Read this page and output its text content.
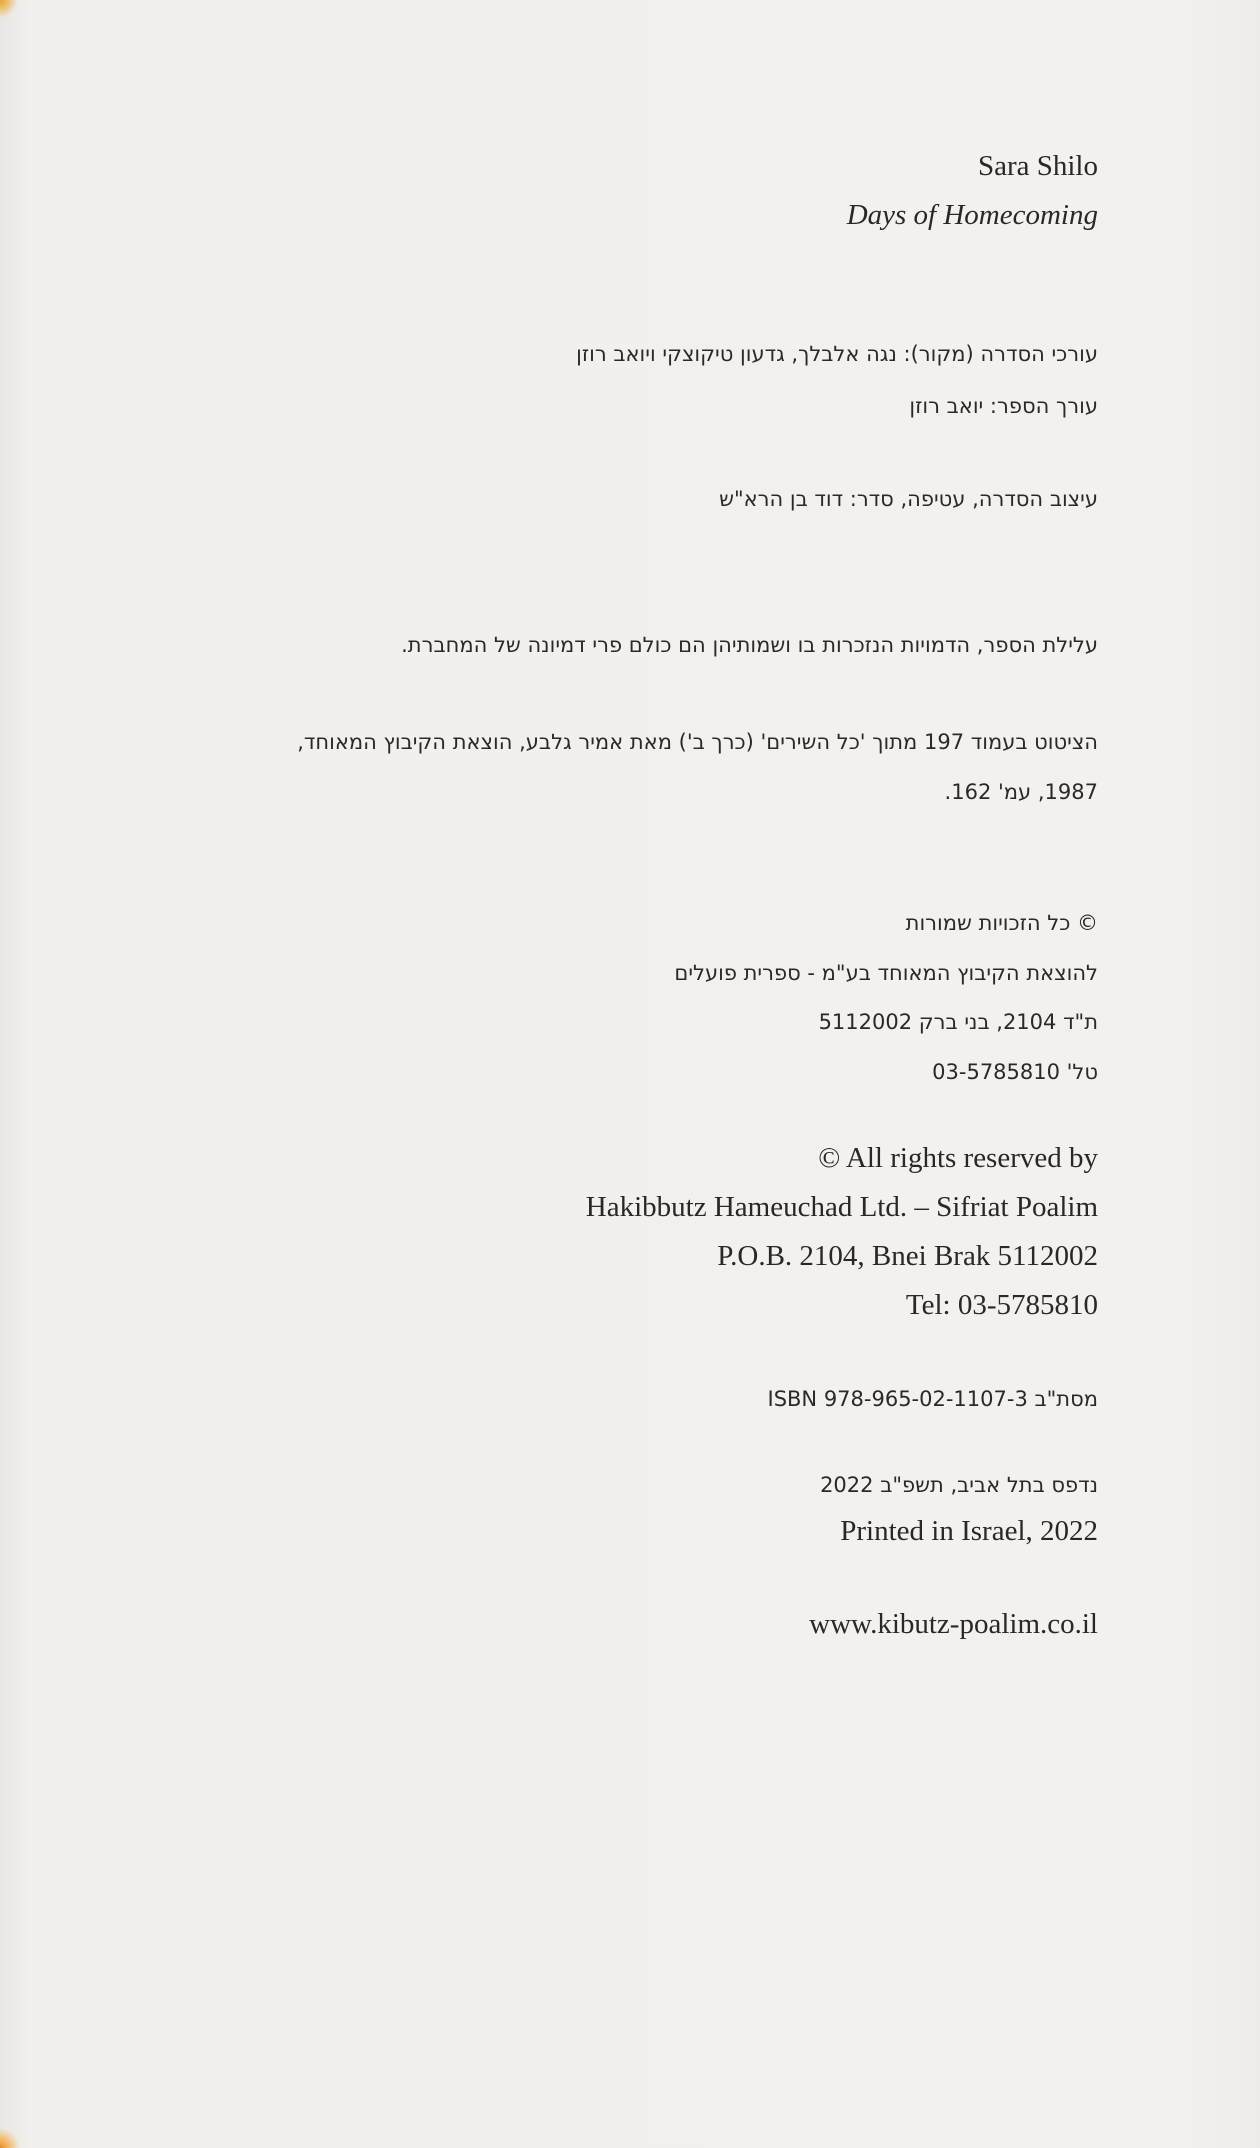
Sara Shilo
Days of Homecoming
עורכי הסדרה (מקור): נגה אלבלך, גדעון טיקוצקי ויואב רוזן
עורך הספר: יואב רוזן
עיצוב הסדרה, עטיפה, סדר: דוד בן הרא"ש
עלילת הספר, הדמויות הנזכרות בו ושמותיהן הם כולם פרי דמיונה של המחברת.
הציטוט בעמוד 197 מתוך 'כל השירים' (כרך ב') מאת אמיר גלבע, הוצאת הקיבוץ המאוחד,
1987, עמ' 162.
© כל הזכויות שמורות
להוצאת הקיבוץ המאוחד בע"מ - ספרית פועלים
ת"ד 2104, בני ברק 5112002
טל' 03-5785810
© All rights reserved by
Hakibbutz Hameuchad Ltd. – Sifriat Poalim
P.O.B. 2104, Bnei Brak 5112002
Tel: 03-5785810
מסת"ב ISBN 978-965-02-1107-3
נדפס בתל אביב, תשפ"ב 2022
Printed in Israel, 2022
www.kibutz-poalim.co.il
